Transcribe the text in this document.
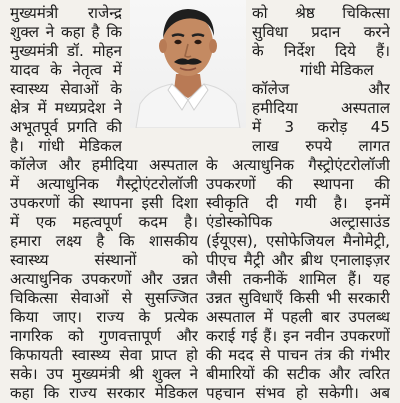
मुख्यमंत्री राजेन्द्र
शुक्ल ने कहा है कि
मुख्यमंत्री डॉ. मोहन
यादव के नेतृत्व में
स्वास्थ्य सेवाओं के
क्षेत्र में मध्यप्रदेश ने
अभूतपूर्व प्रगति की
है। गांधी मेडिकल
को श्रेष्ठ चिकित्सा
सुविधा प्रदान करने
के निर्देश दिये हैं।
गांधी मेडिकल
कॉलेज और
हमीदिया अस्पताल
में 3 करोड़ 45
लाख रुपये लागत
कॉलेज और हमीदिया अस्पताल
में अत्याधुनिक गैस्ट्रोएंटरोलॉजी
उपकरणों की स्थापना इसी दिशा
में एक महत्वपूर्ण कदम है।
हमारा लक्ष्य है कि शासकीय
स्वास्थ्य संस्थानों को
अत्याधुनिक उपकरणों और उन्नत
चिकित्सा सेवाओं से सुसज्जित
किया जाए। राज्य के प्रत्येक
नागरिक को गुणवत्तापूर्ण और
किफायती स्वास्थ्य सेवा प्राप्त हो
सके। उप मुख्यमंत्री श्री शुक्ल ने
कहा कि राज्य सरकार मेडिकल
के अत्याधुनिक गैस्ट्रोएंटरोलॉजी
उपकरणों की स्थापना की
स्वीकृति दी गयी है। इनमें
एंडोस्कोपिक अल्ट्रासाउंड
(ईयूएस), एसोफेजियल मैनोमेट्री,
पीएच मैट्री और ब्रीथ एनालाइज़र
जैसी तकनीकें शामिल हैं। यह
उन्नत सुविधाएँ किसी भी सरकारी
अस्पताल में पहली बार उपलब्ध
कराई गई हैं। इन नवीन उपकरणों
की मदद से पाचन तंत्र की गंभीर
बीमारियों की सटीक और त्वरित
पहचान संभव हो सकेगी। अब
